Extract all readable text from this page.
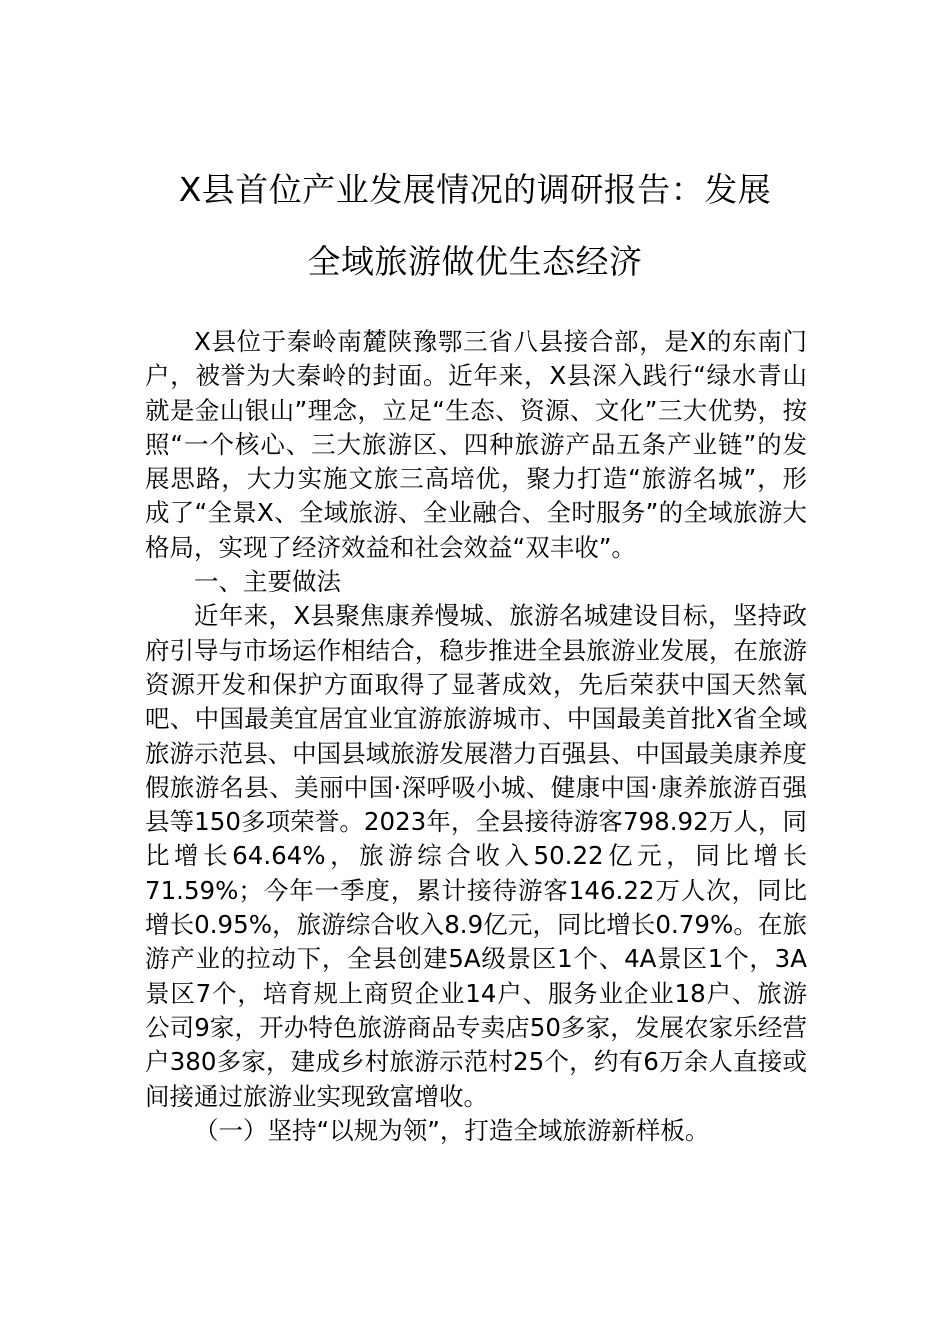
X县首位产业发展情况的调研报告：发展
全域旅游做优生态经济

X县位于秦岭南麓陕豫鄂三省八县接合部，是X的东南门户，被誉为大秦岭的封面。近年来，X县深入践行“绿水青山就是金山银山”理念，立足“生态、资源、文化”三大优势，按照“一个核心、三大旅游区、四种旅游产品五条产业链”的发展思路，大力实施文旅三高培优，聚力打造“旅游名城”，形成了“全景X、全域旅游、全业融合、全时服务”的全域旅游大格局，实现了经济效益和社会效益“双丰收”。

一、主要做法

近年来，X县聚焦康养慢城、旅游名城建设目标，坚持政府引导与市场运作相结合，稳步推进全县旅游业发展，在旅游资源开发和保护方面取得了显著成效，先后荣获中国天然氧吧、中国最美宜居宜业宜游旅游城市、中国最美首批X省全域旅游示范县、中国县域旅游发展潜力百强县、中国最美康养度假旅游名县、美丽中国·深呼吸小城、健康中国·康养旅游百强县等150多项荣誉。2023年，全县接待游客798.92万人，同比增长64.64%，旅游综合收入50.22亿元，同比增长71.59%；今年一季度，累计接待游客146.22万人次，同比增长0.95%，旅游综合收入8.9亿元，同比增长0.79%。在旅游产业的拉动下，全县创建5A级景区1个、4A景区1个，3A景区7个，培育规上商贸企业14户、服务业企业18户、旅游公司9家，开办特色旅游商品专卖店50多家，发展农家乐经营户380多家，建成乡村旅游示范村25个，约有6万余人直接或间接通过旅游业实现致富增收。

（一）坚持“以规为领”，打造全域旅游新样板。
